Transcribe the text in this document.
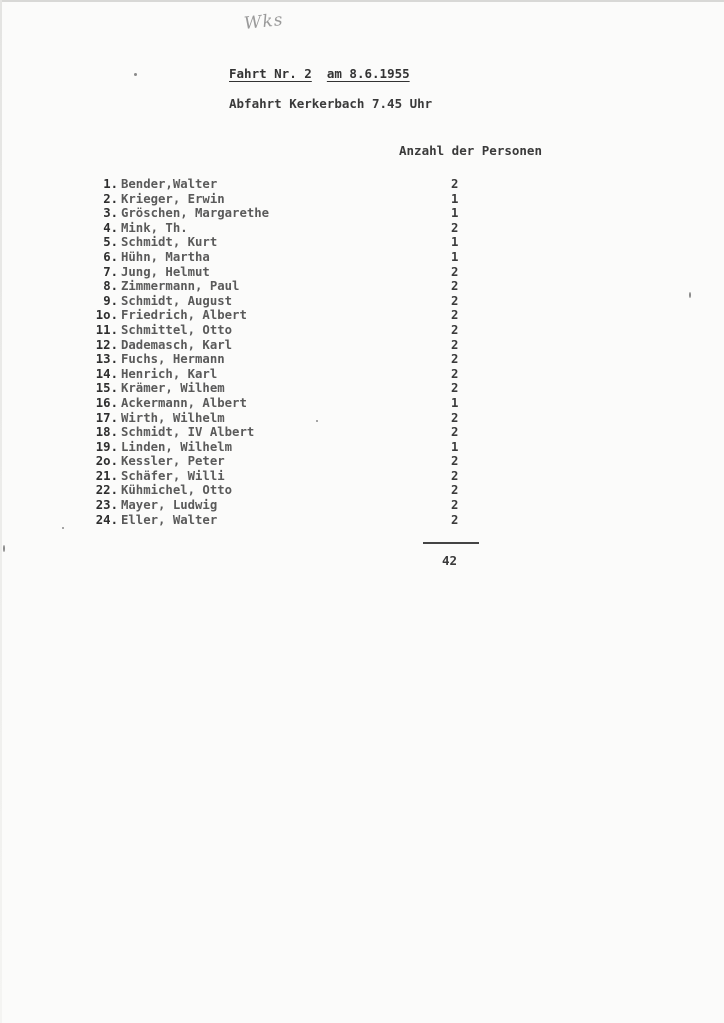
Wks
Fahrt Nr. 2 am 8.6.1955
Abfahrt Kerkerbach 7.45 Uhr
Anzahl der Personen
1. Bender,Walter	2
2. Krieger, Erwin	1
3. Gröschen, Margarethe	1
4. Mink, Th.	2
5. Schmidt, Kurt	1
6. Hühn, Martha	1
7. Jung, Helmut	2
8. Zimmermann, Paul	2
9. Schmidt, August	2
1o. Friedrich, Albert	2
11. Schmittel, Otto	2
12. Dademasch, Karl	2
13. Fuchs, Hermann	2
14. Henrich, Karl	2
15. Krämer, Wilhem	2
16. Ackermann, Albert	1
17. Wirth, Wilhelm	2
18. Schmidt, IV Albert	2
19. Linden, Wilhelm	1
2o. Kessler, Peter	2
21. Schäfer, Willi	2
22. Kühmichel, Otto	2
23. Mayer, Ludwig	2
24. Eller, Walter	2
42
